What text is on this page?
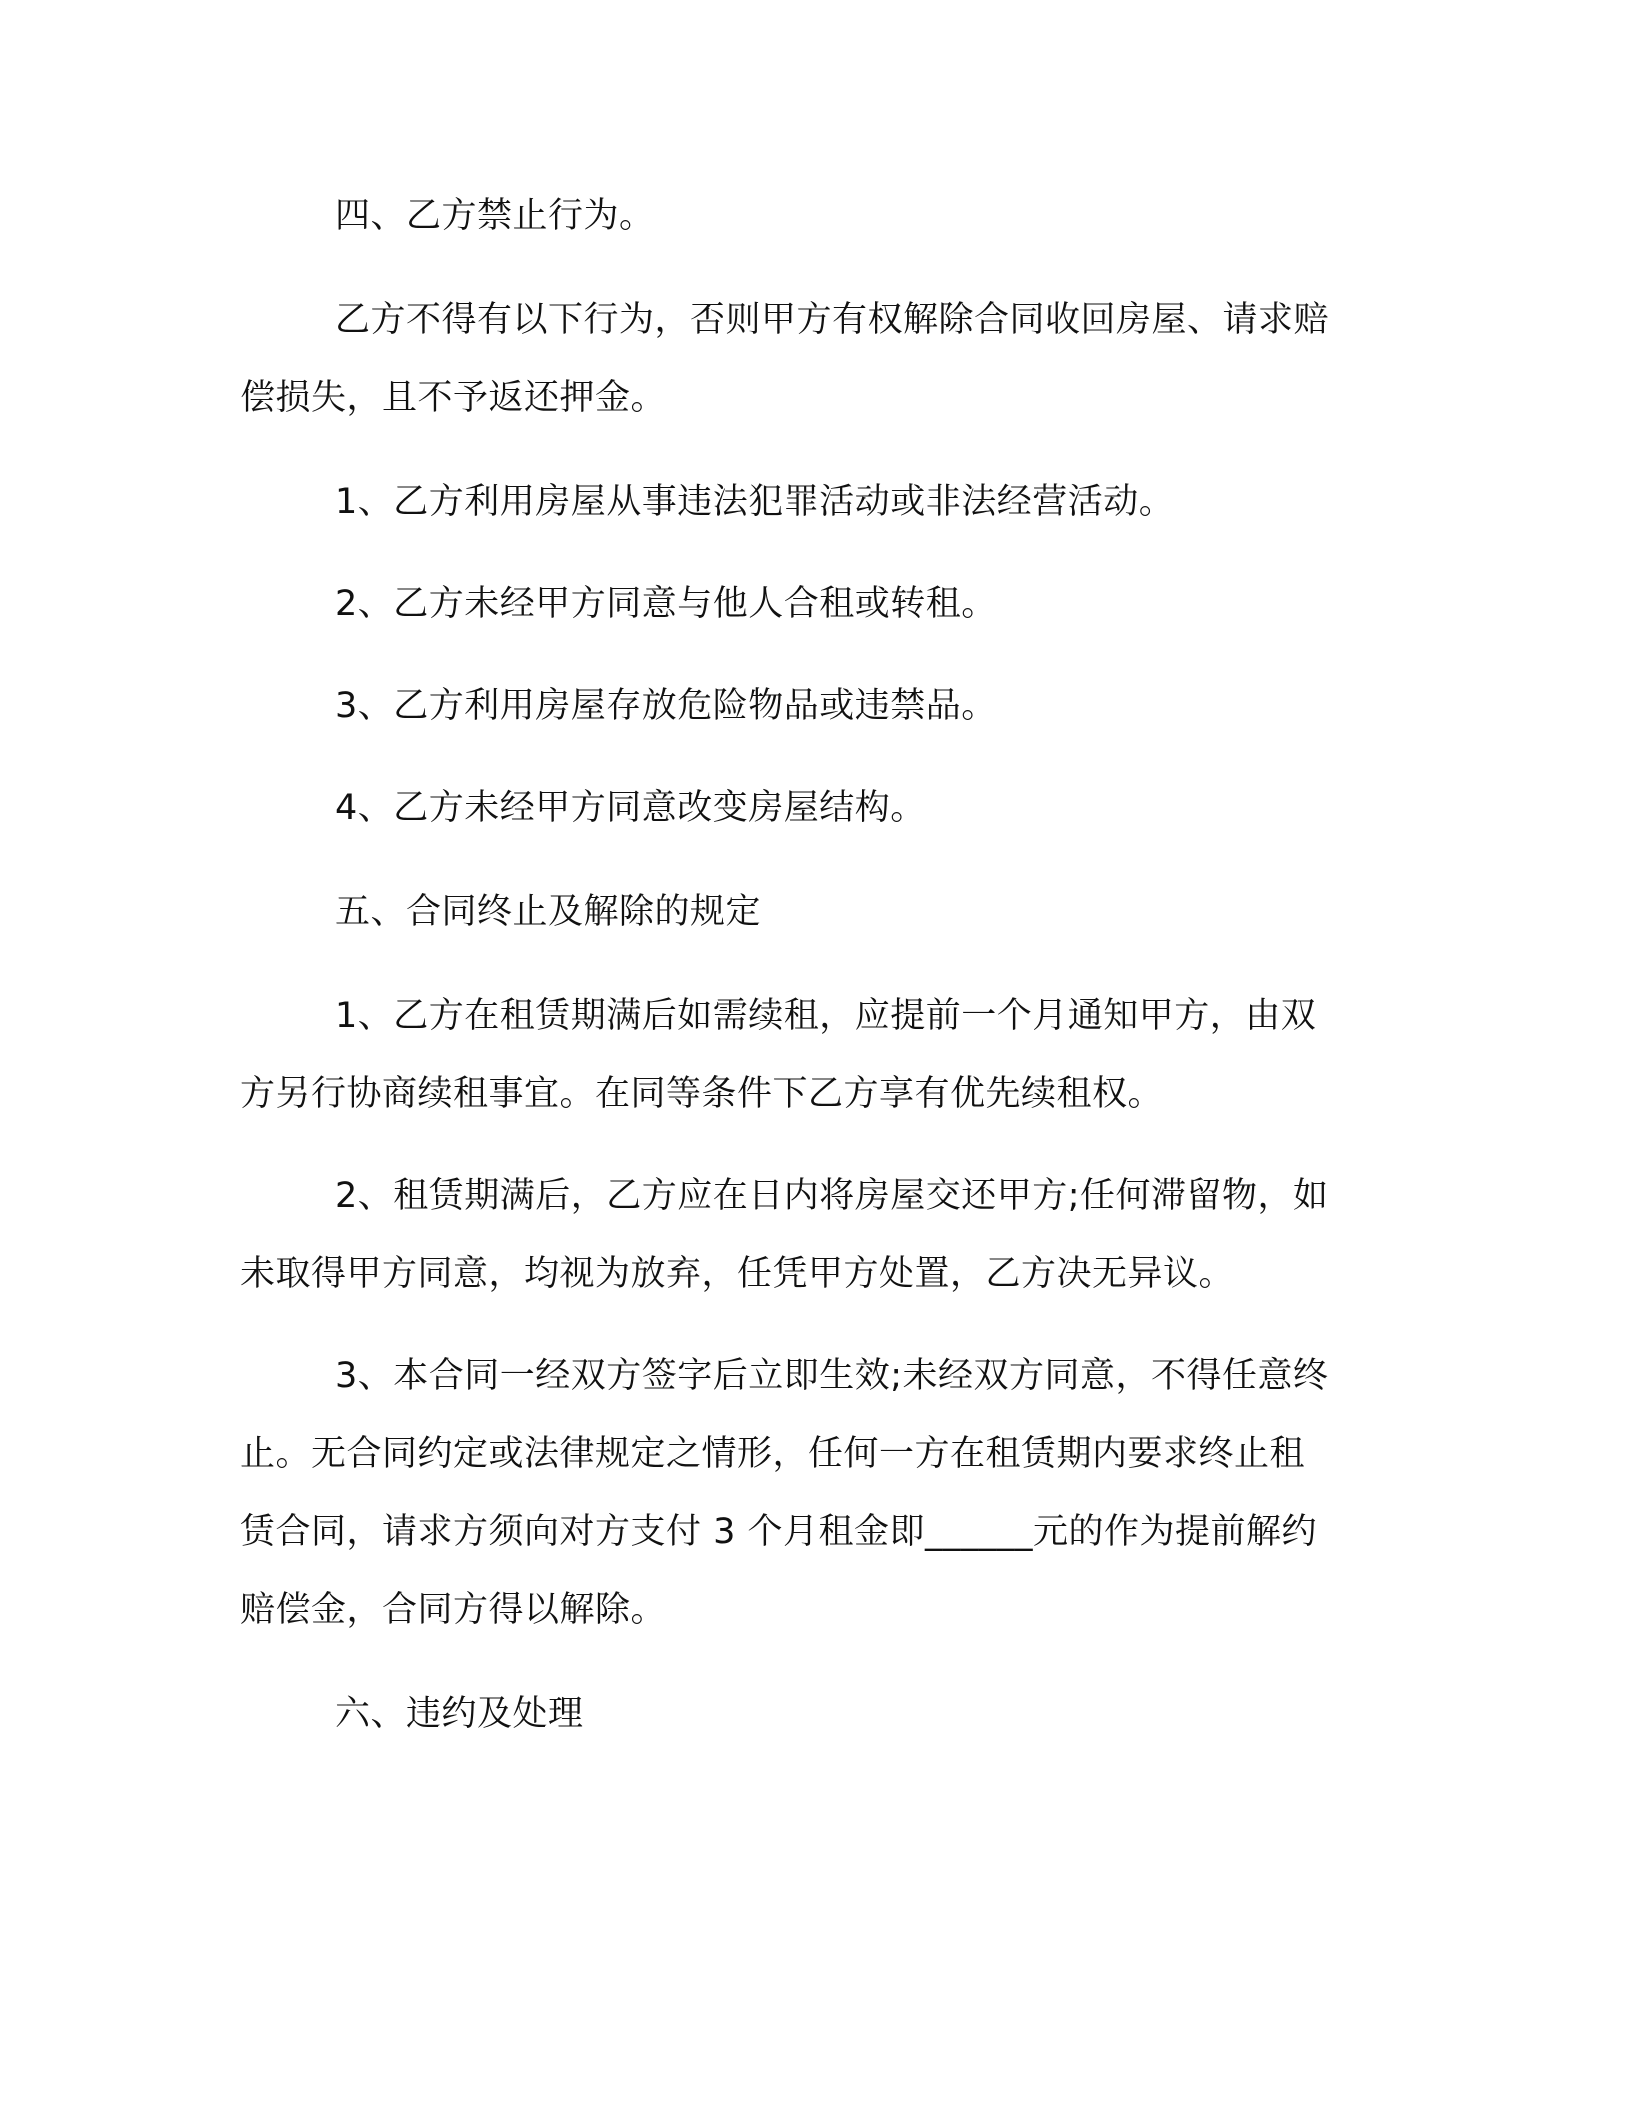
四、乙方禁止行为。
乙方不得有以下行为，否则甲方有权解除合同收回房屋、请求赔
偿损失，且不予返还押金。
1、乙方利用房屋从事违法犯罪活动或非法经营活动。
2、乙方未经甲方同意与他人合租或转租。
3、乙方利用房屋存放危险物品或违禁品。
4、乙方未经甲方同意改变房屋结构。
五、合同终止及解除的规定
1、乙方在租赁期满后如需续租，应提前一个月通知甲方，由双
方另行协商续租事宜。在同等条件下乙方享有优先续租权。
2、租赁期满后，乙方应在日内将房屋交还甲方;任何滞留物，如
未取得甲方同意，均视为放弃，任凭甲方处置，乙方决无异议。
3、本合同一经双方签字后立即生效;未经双方同意，不得任意终
止。无合同约定或法律规定之情形，任何一方在租赁期内要求终止租
赁合同，请求方须向对方支付 3 个月租金即______元的作为提前解约
赔偿金，合同方得以解除。
六、违约及处理
